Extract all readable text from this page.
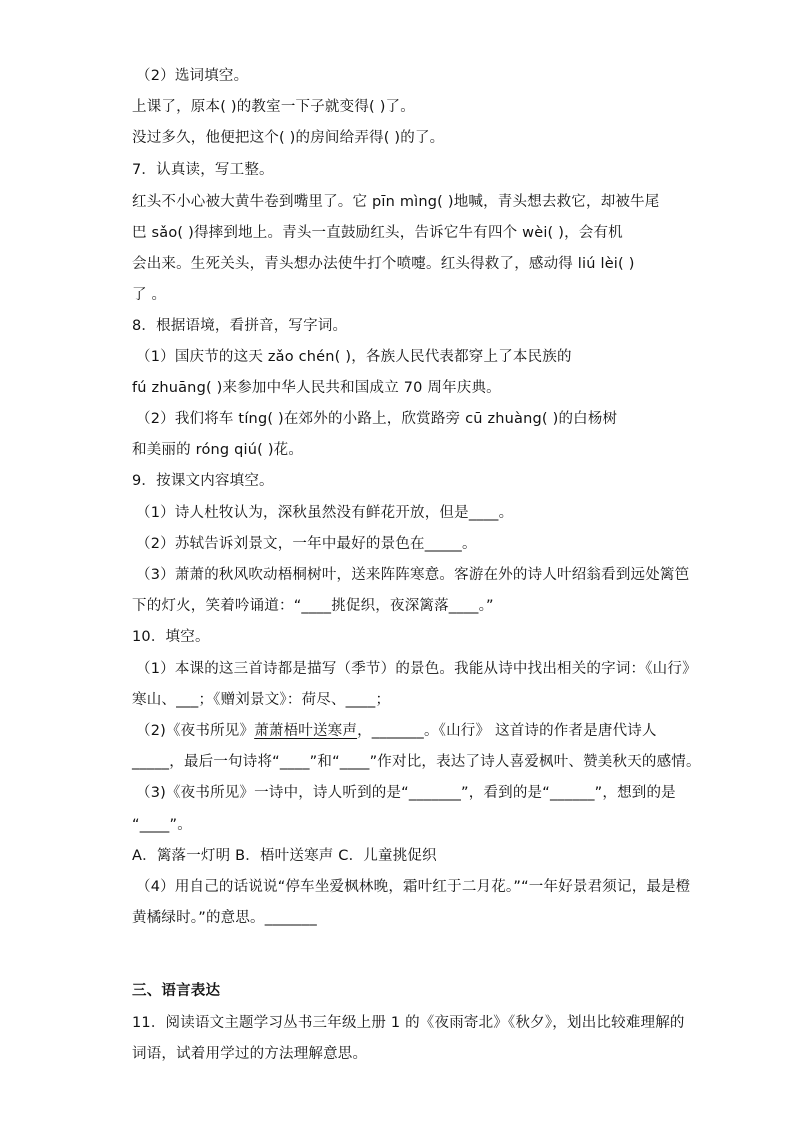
（2）选词填空。
上课了，原本( )的教室一下子就变得( )了。
没过多久，他便把这个( )的房间给弄得( )的了。
7．认真读，写工整。
红头不小心被大黄牛卷到嘴里了。它 pīn mìng( )地喊，青头想去救它，却被牛尾
巴 sǎo( )得摔到地上。青头一直鼓励红头，告诉它牛有四个 wèi( )，会有机
会出来。生死关头，青头想办法使牛打个喷嚏。红头得救了，感动得 liú lèi( )
了 。
8．根据语境，看拼音，写字词。
（1）国庆节的这天 zǎo chén( )，各族人民代表都穿上了本民族的
fú zhuāng( )来参加中华人民共和国成立 70 周年庆典。
（2）我们将车 tíng( )在郊外的小路上，欣赏路旁 cū zhuàng( )的白杨树
和美丽的 róng qiú( )花。
9．按课文内容填空。
（1）诗人杜牧认为，深秋虽然没有鲜花开放，但是____。
（2）苏轼告诉刘景文，一年中最好的景色在_____。
（3）萧萧的秋风吹动梧桐树叶，送来阵阵寒意。客游在外的诗人叶绍翁看到远处篱笆
下的灯火，笑着吟诵道：“____挑促织，夜深篱落____。”
10．填空。
（1）本课的这三首诗都是描写（季节）的景色。我能从诗中找出相关的字词：《山行》
寒山、___；《赠刘景文》：荷尽、____；
（2)《夜书所见》萧萧梧叶送寒声，_______。《山行》 这首诗的作者是唐代诗人
_____，最后一句诗将“____”和“____”作对比，表达了诗人喜爱枫叶、赞美秋天的感情。
（3)《夜书所见》一诗中，诗人听到的是“_______”，看到的是“______”，想到的是
“____”。
A．篱落一灯明 B．梧叶送寒声 C．儿童挑促织
（4）用自己的话说说“停车坐爱枫林晚，霜叶红于二月花。”“一年好景君须记，最是橙
黄橘绿时。”的意思。_______
三、语言表达
11．阅读语文主题学习丛书三年级上册 1 的《夜雨寄北》《秋夕》，划出比较难理解的
词语，试着用学过的方法理解意思。
